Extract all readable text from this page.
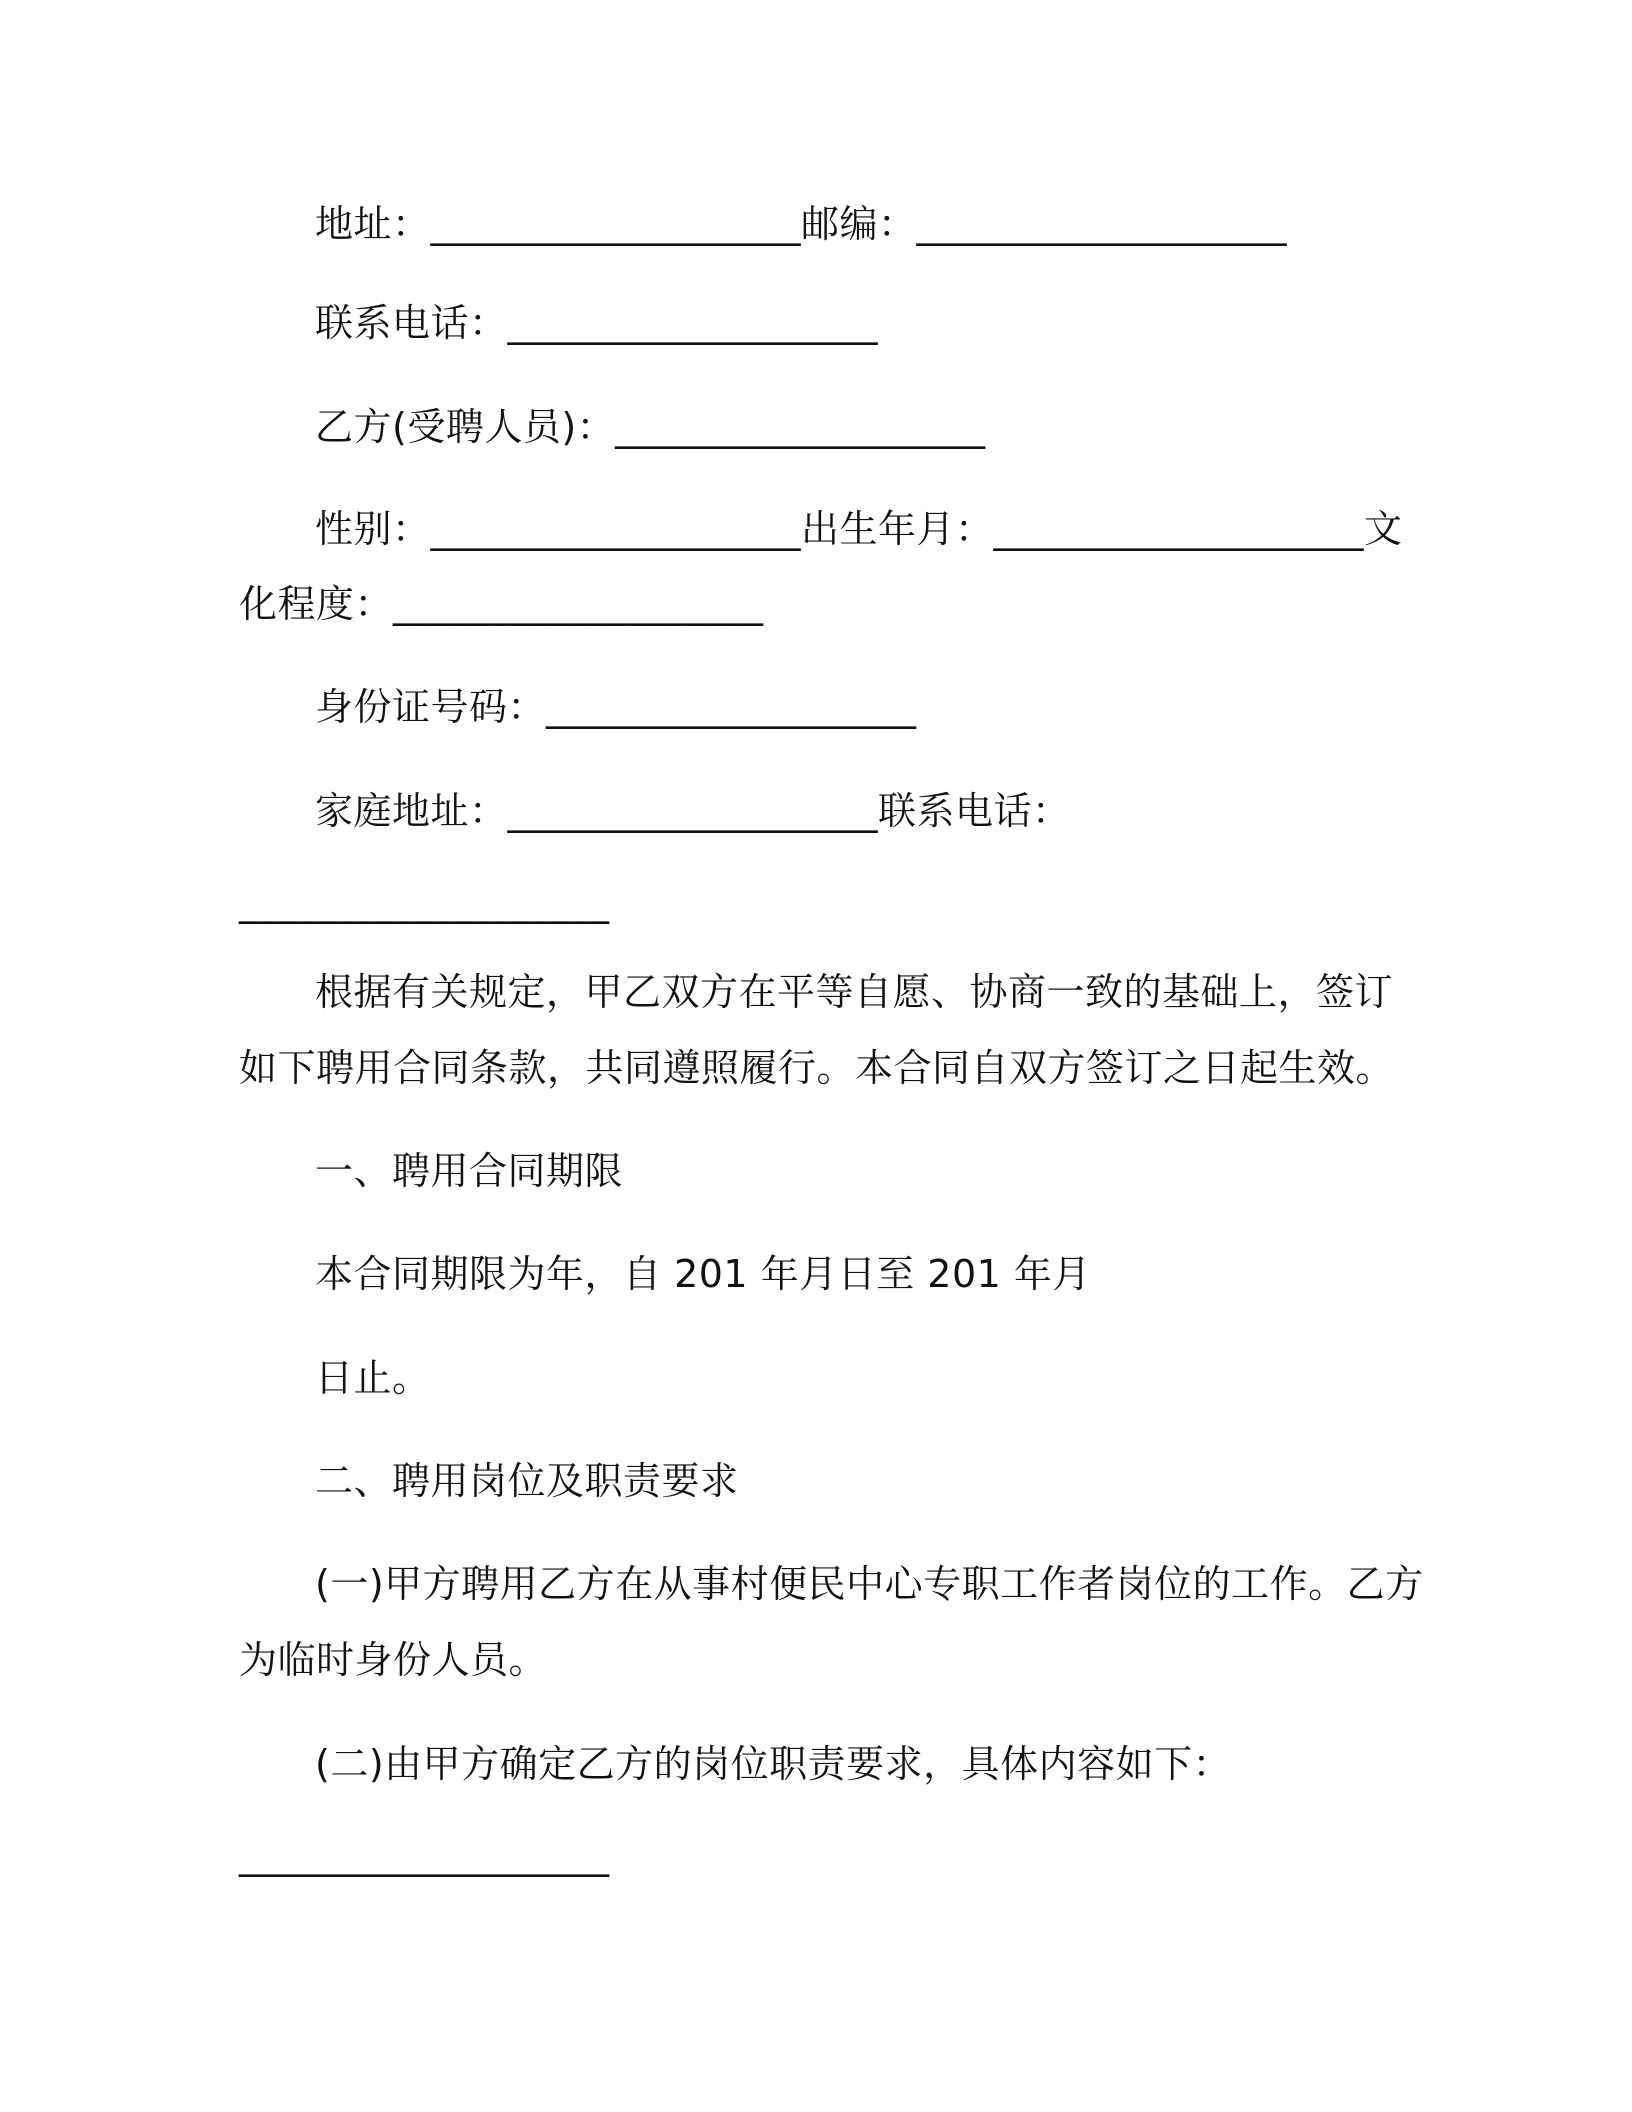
地址：___________________邮编：___________________
联系电话：___________________
乙方(受聘人员)：___________________
性别：___________________出生年月：___________________文
化程度：___________________
身份证号码：___________________
家庭地址：___________________联系电话：
___________________
根据有关规定，甲乙双方在平等自愿、协商一致的基础上，签订
如下聘用合同条款，共同遵照履行。本合同自双方签订之日起生效。
一、聘用合同期限
本合同期限为年，自 201 年月日至 201 年月
日止。
二、聘用岗位及职责要求
(一)甲方聘用乙方在从事村便民中心专职工作者岗位的工作。乙方
为临时身份人员。
(二)由甲方确定乙方的岗位职责要求，具体内容如下：
___________________
